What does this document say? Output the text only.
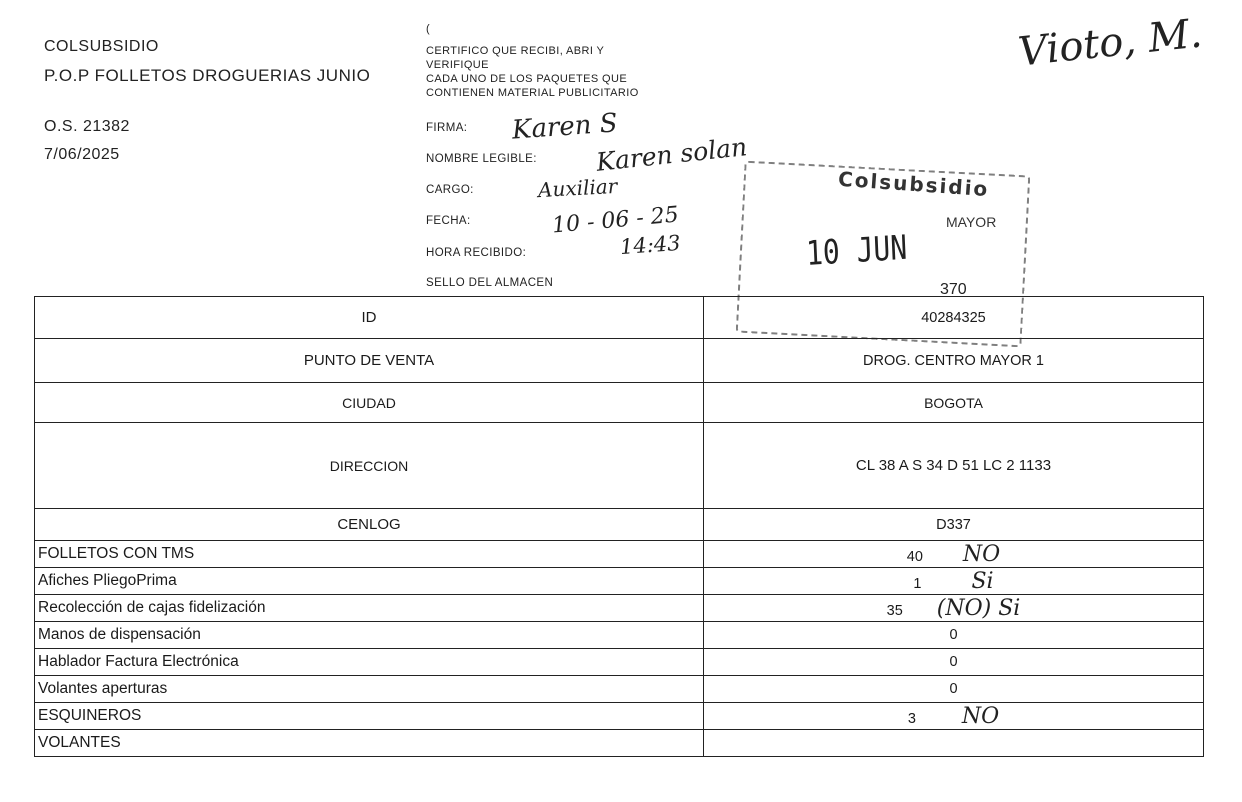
COLSUBSIDIO
P.O.P FOLLETOS DROGUERIAS JUNIO
O.S. 21382
7/06/2025
(
CERTIFICO QUE RECIBI, ABRI Y
VERIFIQUE
CADA UNO DE LOS PAQUETES QUE
CONTIENEN MATERIAL PUBLICITARIO
FIRMA:
NOMBRE LEGIBLE:
CARGO:
FECHA:
HORA RECIBIDO:
SELLO DEL ALMACEN
Karen S
Karen solan
Auxiliar
10 - 06 - 25
14:43
Vioto, M.
Colsubsidio
MAYOR
10 JUN
370
ID	40284325
PUNTO DE VENTA	DROG. CENTRO MAYOR 1
CIUDAD	BOGOTA
DIRECCION	CL 38 A S 34 D 51 LC 2 1133
CENLOG	D337
FOLLETOS CON TMS	40 NO
Afiches PliegoPrima	1 Si
Recolección de cajas fidelización	35 (NO) Si
Manos de dispensación	0
Hablador Factura Electrónica	0
Volantes aperturas	0
ESQUINEROS	3 NO
VOLANTES	
